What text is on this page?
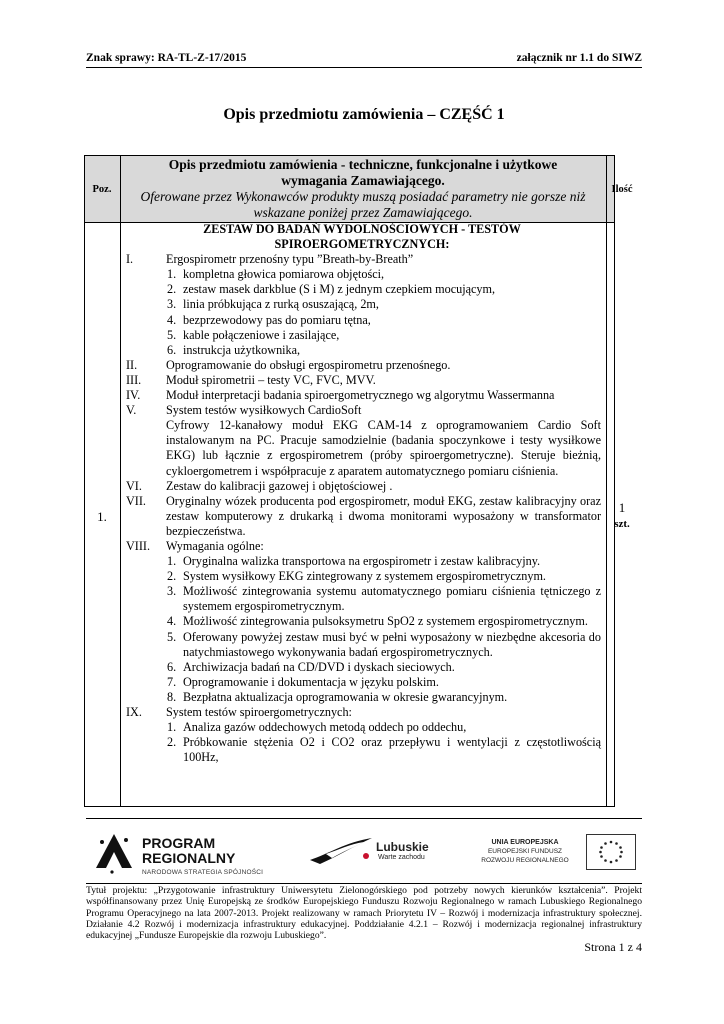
Znak sprawy: RA-TL-Z-17/2015	załącznik nr 1.1 do SIWZ
Opis przedmiotu zamówienia – CZĘŚĆ 1
Poz.
Opis przedmiotu zamówienia - techniczne, funkcjonalne i użytkowe
wymagania Zamawiającego.
Oferowane przez Wykonawców produkty muszą posiadać parametry nie gorsze niż wskazane poniżej przez Zamawiającego.
Ilość
1.
1
szt.

ZESTAW DO BADAŃ WYDOLNOŚCIOWYCH - TESTÓW SPIROERGOMETRYCZNYCH:

I.	Ergospirometr przenośny typu ”Breath-by-Breath”
1. kompletna głowica pomiarowa objętości,
2. zestaw masek darkblue (S i M) z jednym czepkiem mocującym,
3. linia próbkująca z rurką osuszającą, 2m,
4. bezprzewodowy pas do pomiaru tętna,
5. kable połączeniowe i zasilające,
6. instrukcja użytkownika,
II. Oprogramowanie do obsługi ergospirometru przenośnego.
III. Moduł spirometrii – testy VC, FVC, MVV.
IV. Moduł interpretacji badania spiroergometrycznego wg algorytmu Wassermanna
V. System testów wysiłkowych CardioSoft
Cyfrowy 12-kanałowy moduł EKG CAM-14 z oprogramowaniem Cardio Soft instalowanym na PC. Pracuje samodzielnie (badania spoczynkowe i testy wysiłkowe EKG) lub łącznie z ergospirometrem (próby spiroergometryczne). Steruje bieżnią, cykloergometrem i współpracuje z aparatem automatycznego pomiaru ciśnienia.
VI. Zestaw do kalibracji gazowej i objętościowej .
VII. Oryginalny wózek producenta pod ergospirometr, moduł EKG, zestaw kalibracyjny oraz zestaw komputerowy z drukarką i dwoma monitorami wyposażony w transformator bezpieczeństwa.
VIII. Wymagania ogólne:
1. Oryginalna walizka transportowa na ergospirometr i zestaw kalibracyjny.
2. System wysiłkowy EKG zintegrowany z systemem ergospirometrycznym.
3. Możliwość zintegrowania systemu automatycznego pomiaru ciśnienia tętniczego z systemem ergospirometrycznym.
4. Możliwość zintegrowania pulsoksymetru SpO2 z systemem ergospirometrycznym.
5. Oferowany powyżej zestaw musi być w pełni wyposażony w niezbędne akcesoria do natychmiastowego wykonywania badań ergospirometrycznych.
6. Archiwizacja badań na CD/DVD i dyskach sieciowych.
7. Oprogramowanie i dokumentacja w języku polskim.
8. Bezpłatna aktualizacja oprogramowania w okresie gwarancyjnym.
IX. System testów spiroergometrycznych:
1. Analiza gazów oddechowych metodą oddech po oddechu,
2. Próbkowanie stężenia O2 i CO2 oraz przepływu i wentylacji z częstotliwością 100Hz,
PROGRAM
REGIONALNY
NARODOWA STRATEGIA SPÓJNOŚCI
Lubuskie
Warte zachodu
UNIA EUROPEJSKA
EUROPEJSKI FUNDUSZ
ROZWOJU REGIONALNEGO
Tytuł projektu: „Przygotowanie infrastruktury Uniwersytetu Zielonogórskiego pod potrzeby nowych kierunków kształcenia”. Projekt współfinansowany przez Unię Europejską ze środków Europejskiego Funduszu Rozwoju Regionalnego w ramach Lubuskiego Regionalnego Programu Operacyjnego na lata 2007-2013. Projekt realizowany w ramach Priorytetu IV – Rozwój i modernizacja infrastruktury społecznej. Działanie 4.2 Rozwój i modernizacja infrastruktury edukacyjnej. Poddziałanie 4.2.1 – Rozwój i modernizacja regionalnej infrastruktury edukacyjnej „Fundusze Europejskie dla rozwoju Lubuskiego”.
Strona 1 z 4
